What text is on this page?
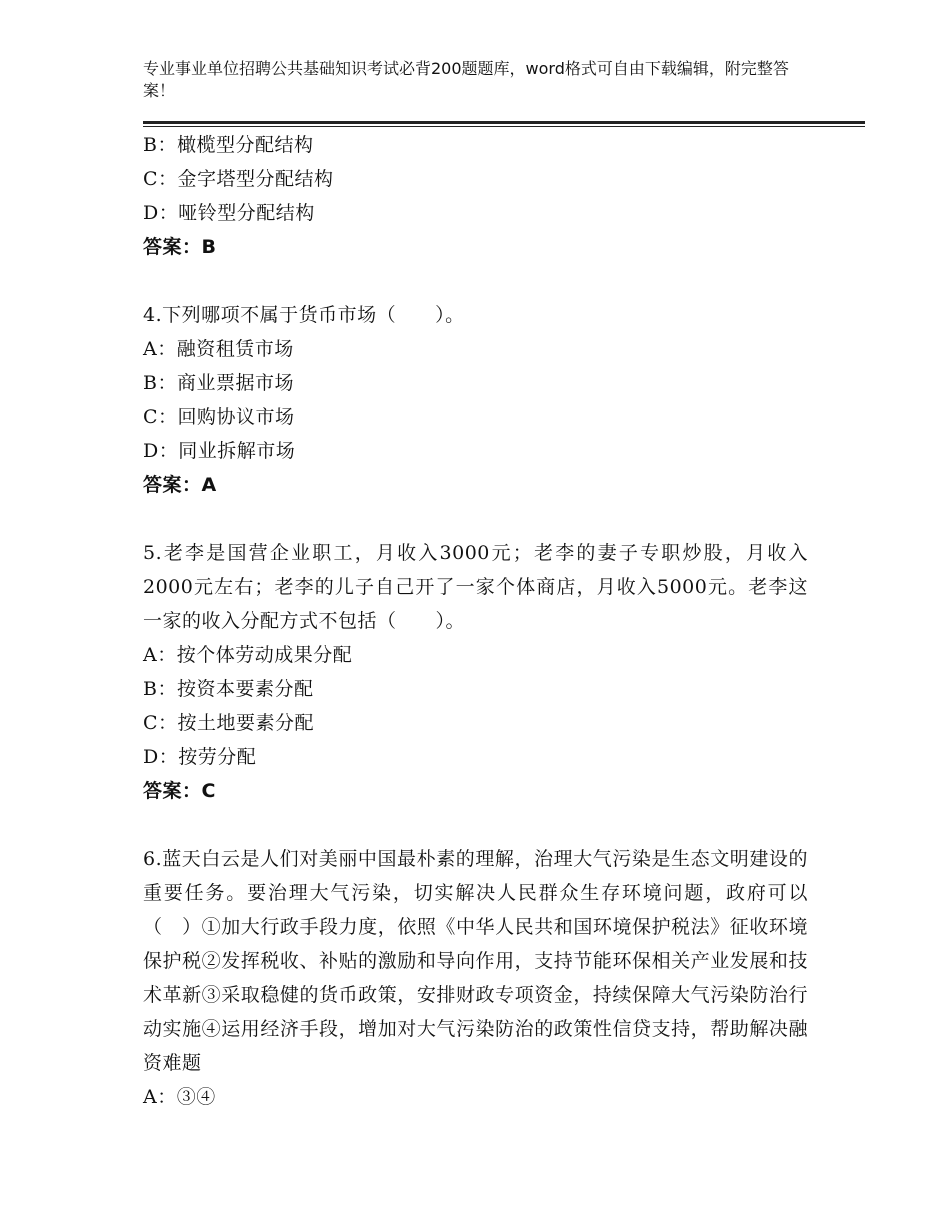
专业事业单位招聘公共基础知识考试必背200题题库，word格式可自由下载编辑，附完整答案！
B：橄榄型分配结构
C：金字塔型分配结构
D：哑铃型分配结构
答案：B
4.下列哪项不属于货币市场（　　）。
A：融资租赁市场
B：商业票据市场
C：回购协议市场
D：同业拆解市场
答案：A
5.老李是国营企业职工，月收入3000元；老李的妻子专职炒股，月收入2000元左右；老李的儿子自己开了一家个体商店，月收入5000元。老李这一家的收入分配方式不包括（　　）。
A：按个体劳动成果分配
B：按资本要素分配
C：按土地要素分配
D：按劳分配
答案：C
6.蓝天白云是人们对美丽中国最朴素的理解，治理大气污染是生态文明建设的重要任务。要治理大气污染，切实解决人民群众生存环境问题，政府可以（　）①加大行政手段力度，依照《中华人民共和国环境保护税法》征收环境保护税②发挥税收、补贴的激励和导向作用，支持节能环保相关产业发展和技术革新③采取稳健的货币政策，安排财政专项资金，持续保障大气污染防治行动实施④运用经济手段，增加对大气污染防治的政策性信贷支持，帮助解决融资难题
A：③④
